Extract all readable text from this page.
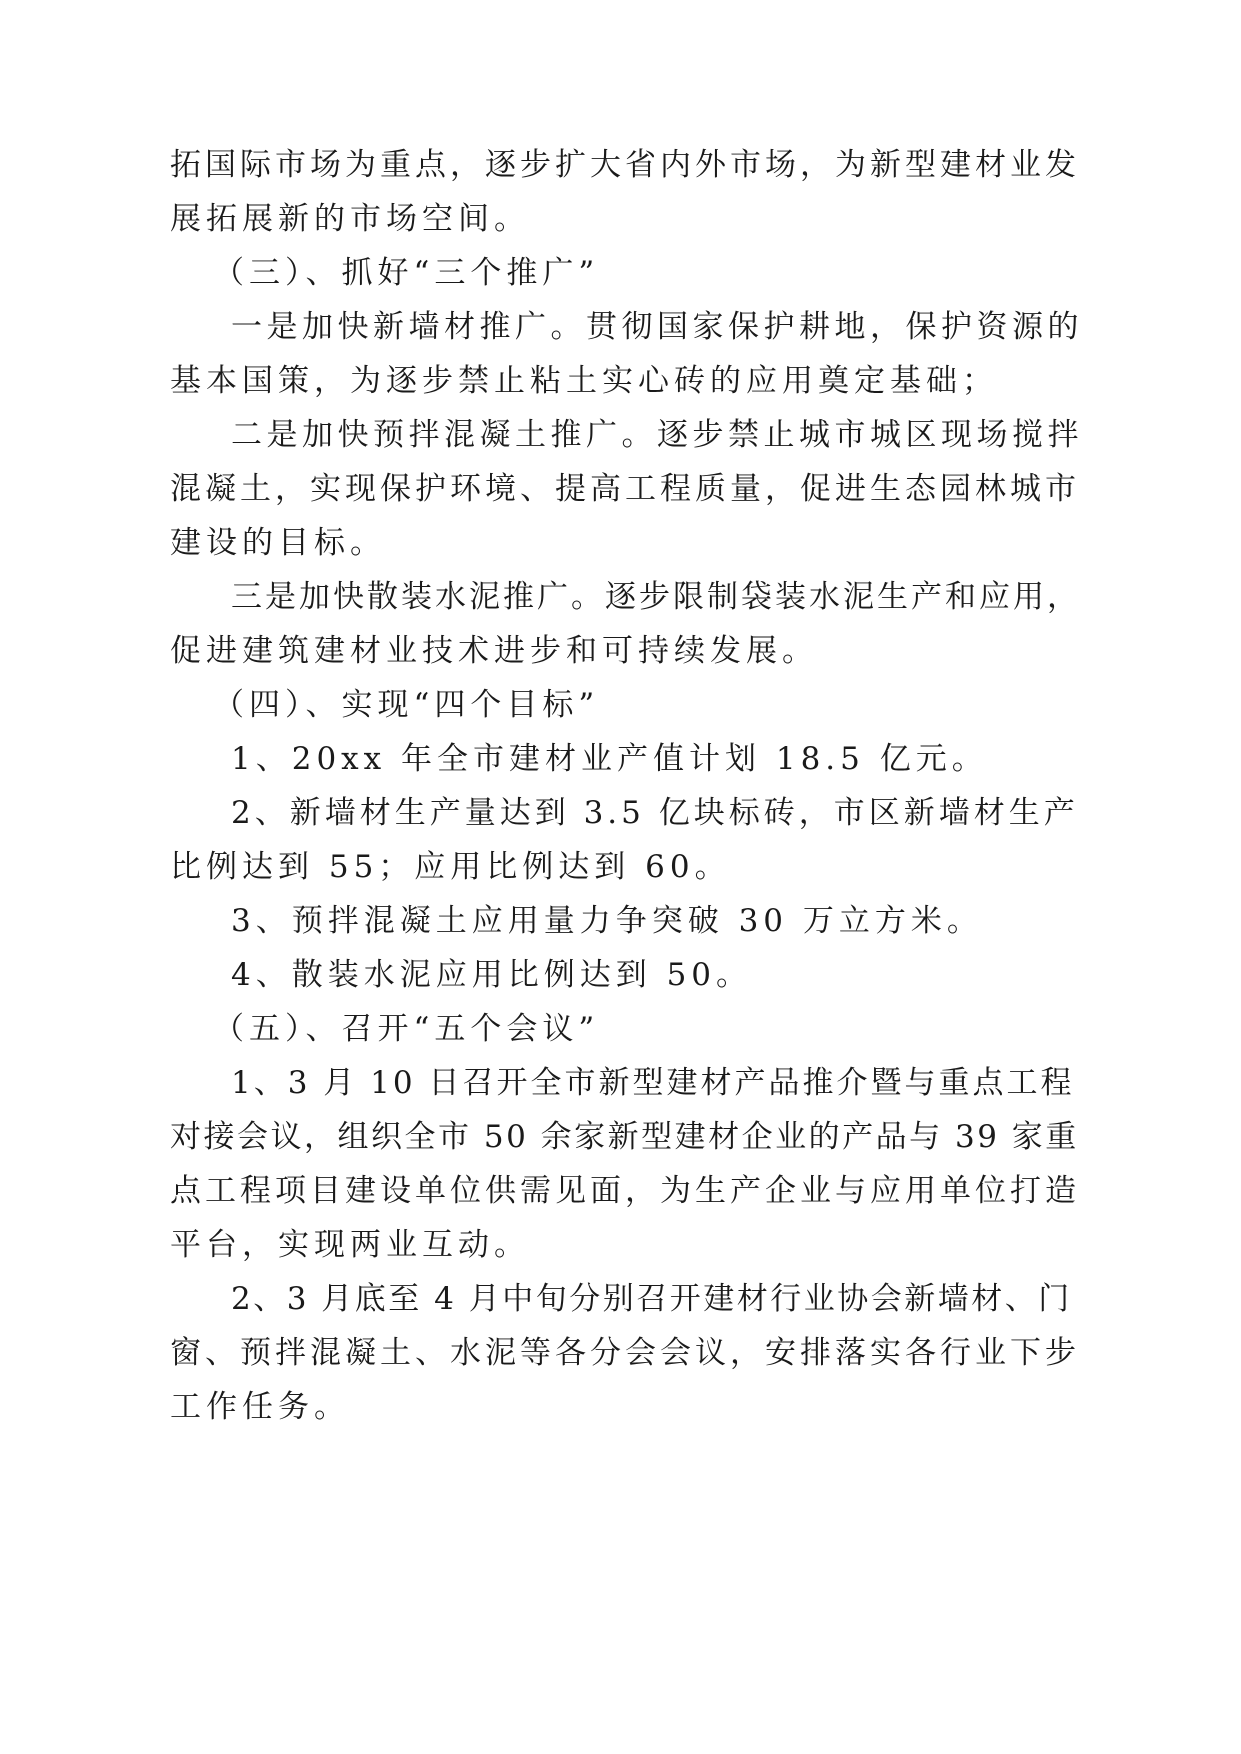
拓国际市场为重点，逐步扩大省内外市场，为新型建材业发
展拓展新的市场空间。
（三）、抓好“三个推广”
一是加快新墙材推广。贯彻国家保护耕地，保护资源的
基本国策，为逐步禁止粘土实心砖的应用奠定基础；
二是加快预拌混凝土推广。逐步禁止城市城区现场搅拌
混凝土，实现保护环境、提高工程质量，促进生态园林城市
建设的目标。
三是加快散装水泥推广。逐步限制袋装水泥生产和应用，
促进建筑建材业技术进步和可持续发展。
（四）、实现“四个目标”
1、20xx 年全市建材业产值计划 18.5 亿元。
2、新墙材生产量达到 3.5 亿块标砖，市区新墙材生产
比例达到 55；应用比例达到 60。
3、预拌混凝土应用量力争突破 30 万立方米。
4、散装水泥应用比例达到 50。
（五）、召开“五个会议”
1、3 月 10 日召开全市新型建材产品推介暨与重点工程
对接会议，组织全市 50 余家新型建材企业的产品与 39 家重
点工程项目建设单位供需见面，为生产企业与应用单位打造
平台，实现两业互动。
2、3 月底至 4 月中旬分别召开建材行业协会新墙材、门
窗、预拌混凝土、水泥等各分会会议，安排落实各行业下步
工作任务。
